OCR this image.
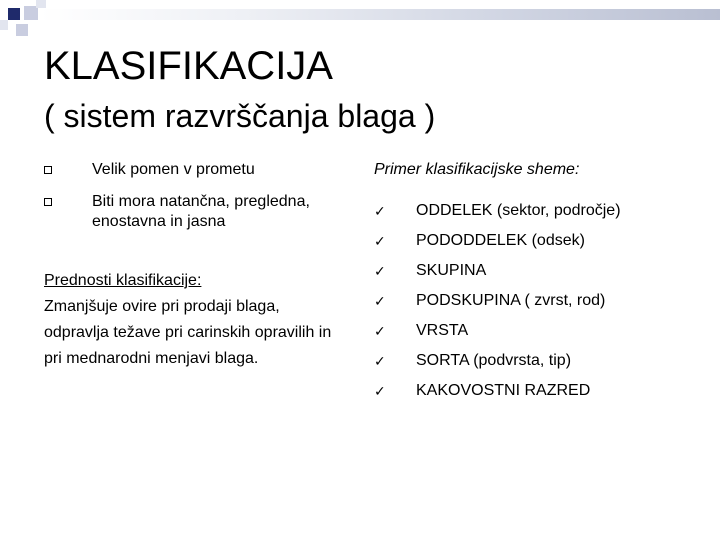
KLASIFIKACIJA
( sistem razvrščanja blaga )
Velik pomen v prometu
Biti mora natančna, pregledna, enostavna in jasna
Prednosti klasifikacije:
Zmanjšuje ovire pri prodaji blaga, odpravlja težave pri carinskih opravilih in pri mednarodni menjavi blaga.
Primer klasifikacijske sheme:
✓ ODDELEK (sektor, področje)
✓ PODODDELEK (odsek)
✓ SKUPINA
✓ PODSKUPINA ( zvrst, rod)
✓ VRSTA
✓ SORTA (podvrsta, tip)
✓ KAKOVOSTNI RAZRED
